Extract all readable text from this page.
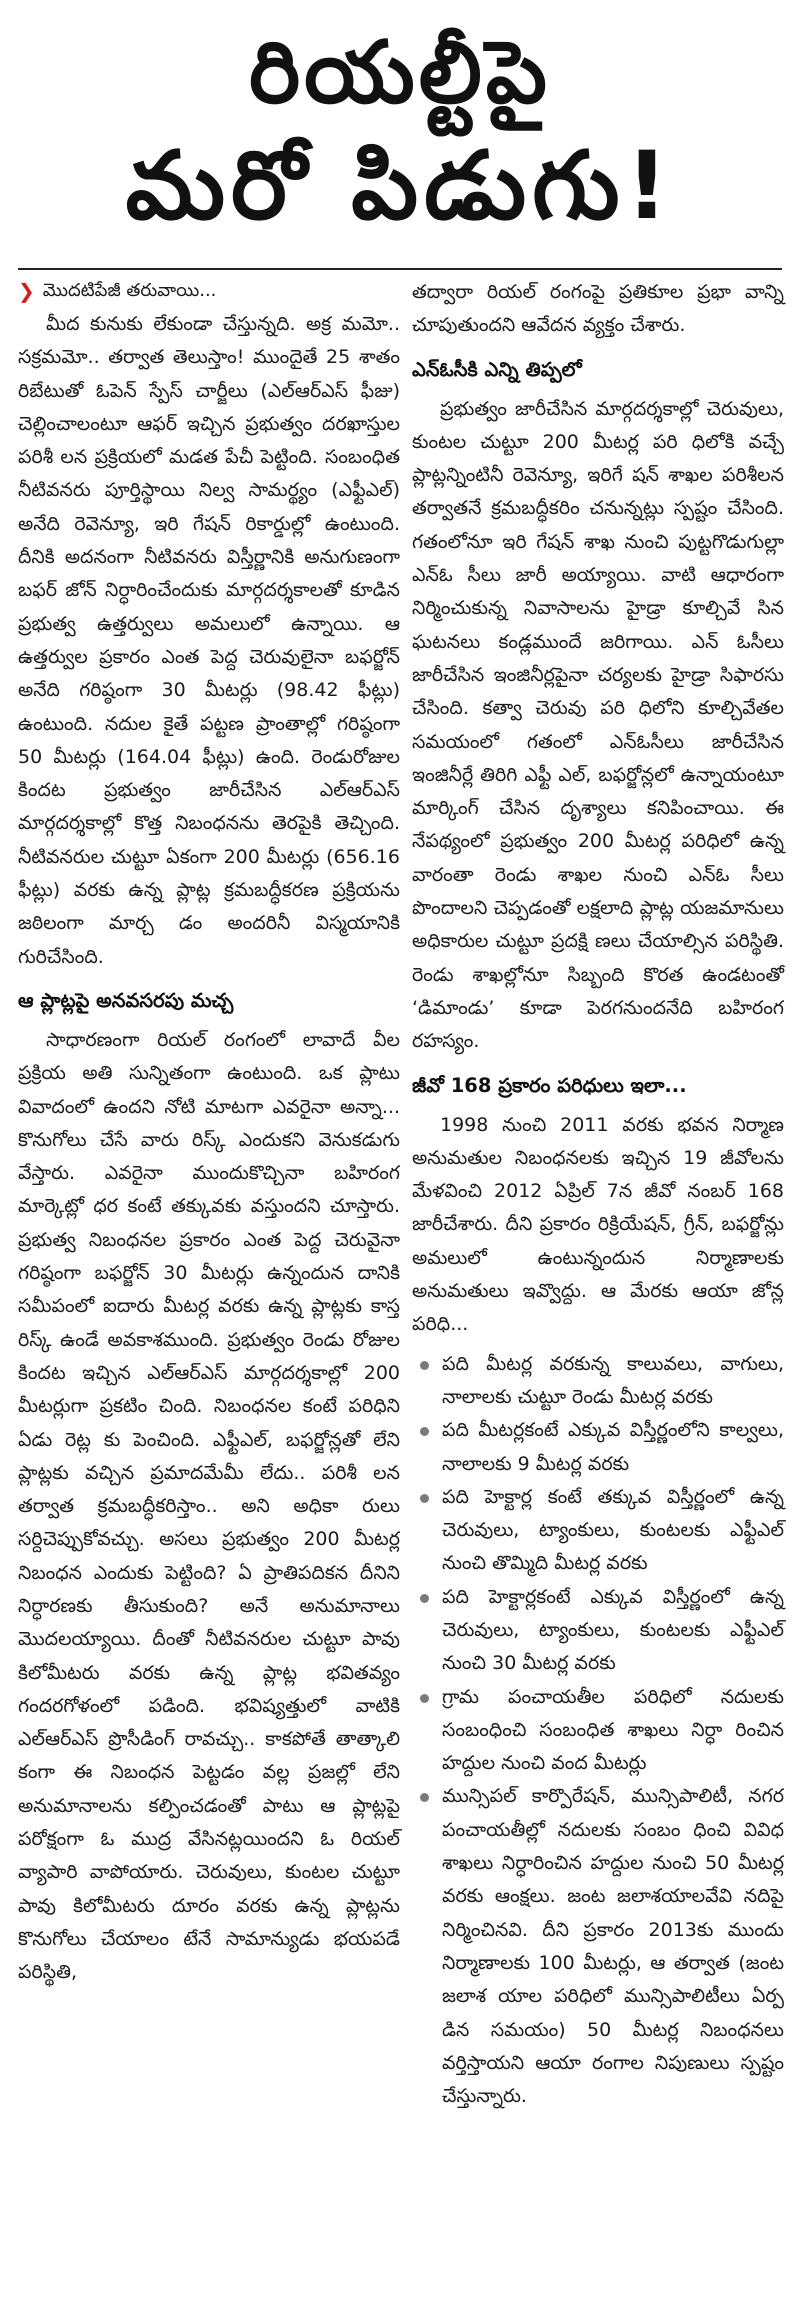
రియల్టీపై
మరో పిడుగు!
❯ మొదటిపేజీ తరువాయి...

మీద కునుకు లేకుండా చేస్తున్నది. అక్ర మమో.. సక్రమమో.. తర్వాత తెలుస్తాం! ముందైతే 25 శాతం రిబేటుతో ఓపెన్ స్పేస్ చార్జీలు (ఎల్ఆర్ఎస్ ఫీజు) చెల్లించాలంటూ ఆఫర్ ఇచ్చిన ప్రభుత్వం దరఖాస్తుల పరిశీ లన ప్రక్రియలో మడత పేచీ పెట్టింది. సంబంధిత నీటివనరు పూర్తిస్థాయి నిల్వ సామర్థ్యం (ఎఫ్టీఎల్) అనేది రెవెన్యూ, ఇరి గేషన్ రికార్డుల్లో ఉంటుంది. దీనికి అదనంగా నీటివనరు విస్తీర్ణానికి అనుగుణంగా బఫర్ జోన్ నిర్ధారించేందుకు మార్గదర్శకాలతో కూడిన ప్రభుత్వ ఉత్తర్వులు అమలులో ఉన్నాయి. ఆ ఉత్తర్వుల ప్రకారం ఎంత పెద్ద చెరువులైనా బఫర్జోన్ అనేది గరిష్ఠంగా 30 మీటర్లు (98.42 ఫీట్లు) ఉంటుంది. నదుల కైతే పట్టణ ప్రాంతాల్లో గరిష్ఠంగా 50 మీటర్లు (164.04 ఫీట్లు) ఉంది. రెండురోజుల కిందట ప్రభుత్వం జారీచేసిన ఎల్ఆర్ఎస్ మార్గదర్శకాల్లో కొత్త నిబంధనను తెరపైకి తెచ్చింది. నీటివనరుల చుట్టూ ఏకంగా 200 మీటర్లు (656.16 ఫీట్లు) వరకు ఉన్న ప్లాట్ల క్రమబద్ధీకరణ ప్రక్రియను జఠిలంగా మార్చ డం అందరినీ విస్మయానికి గురిచేసింది.

ఆ ప్లాట్లపై అనవసరపు మచ్చ

సాధారణంగా రియల్ రంగంలో లావాదే వీల ప్రక్రియ అతి సున్నితంగా ఉంటుంది. ఒక ప్లాటు వివాదంలో ఉందని నోటి మాటగా ఎవరైనా అన్నా... కొనుగోలు చేసే వారు రిస్క్ ఎందుకని వెనుకడుగు వేస్తారు. ఎవరైనా ముందుకొచ్చినా బహిరంగ మార్కెట్లో ధర కంటే తక్కువకు వస్తుందని చూస్తారు. ప్రభుత్వ నిబంధనల ప్రకారం ఎంత పెద్ద చెరువైనా గరిష్ఠంగా బఫర్జోన్ 30 మీటర్లు ఉన్నందున దానికి సమీపంలో ఐదారు మీటర్ల వరకు ఉన్న ప్లాట్లకు కాస్త రిస్క్ ఉండే అవకాశముంది. ప్రభుత్వం రెండు రోజుల కిందట ఇచ్చిన ఎల్ఆర్ఎస్ మార్గదర్శకాల్లో 200 మీటర్లుగా ప్రకటిం చింది. నిబంధనల కంటే పరిధిని ఏడు రెట్ల కు పెంచింది. ఎఫ్టీఎల్, బఫర్జోన్లతో లేని ప్లాట్లకు వచ్చిన ప్రమాదమేమీ లేదు.. పరిశీ లన తర్వాత క్రమబద్ధీకరిస్తాం.. అని అధికా రులు సర్దిచెప్పుకోవచ్చు. అసలు ప్రభుత్వం 200 మీటర్ల నిబంధన ఎందుకు పెట్టింది? ఏ ప్రాతిపదికన దీనిని నిర్ధారణకు తీసుకుంది? అనే అనుమానాలు మొదలయ్యాయి. దీంతో నీటివనరుల చుట్టూ పావు కిలోమీటరు వరకు ఉన్న ప్లాట్ల భవితవ్యం గందరగోళంలో పడింది. భవిష్యత్తులో వాటికి ఎల్ఆర్ఎస్ ప్రొసీడింగ్ రావచ్చు.. కాకపోతే తాత్కాలి కంగా ఈ నిబంధన పెట్టడం వల్ల ప్రజల్లో లేని అనుమానాలను కల్పించడంతో పాటు ఆ ప్లాట్లపై పరోక్షంగా ఓ ముద్ర వేసినట్లయిందని ఓ రియల్ వ్యాపారి వాపోయారు. చెరువులు, కుంటల చుట్టూ పావు కిలోమీటరు దూరం వరకు ఉన్న ప్లాట్లను కొనుగోలు చేయాలం టేనే సామాన్యుడు భయపడే పరిస్థితి,

తద్వారా రియల్ రంగంపై ప్రతికూల ప్రభా వాన్ని చూపుతుందని ఆవేదన వ్యక్తం చేశారు.

ఎన్ఓసీకి ఎన్ని తిప్పలో

ప్రభుత్వం జారీచేసిన మార్గదర్శకాల్లో చెరువులు, కుంటల చుట్టూ 200 మీటర్ల పరి ధిలోకి వచ్చే ప్లాట్లన్నింటినీ రెవెన్యూ, ఇరిగే షన్ శాఖల పరిశీలన తర్వాతనే క్రమబద్ధీకరిం చనున్నట్లు స్పష్టం చేసింది. గతంలోనూ ఇరి గేషన్ శాఖ నుంచి పుట్టగొడుగుల్లా ఎన్ఓ సీలు జారీ అయ్యాయి. వాటి ఆధారంగా నిర్మించుకున్న నివాసాలను హైడ్రా కూల్చివే సిన ఘటనలు కండ్లముందే జరిగాయి. ఎన్ ఓసీలు జారీచేసిన ఇంజినీర్లపైనా చర్యలకు హైడ్రా సిఫారసు చేసింది. కత్వా చెరువు పరి ధిలోని కూల్చివేతల సమయంలో గతంలో ఎన్ఓసీలు జారీచేసిన ఇంజినీర్లే తిరిగి ఎఫ్టీ ఎల్, బఫర్జోన్లలో ఉన్నాయంటూ మార్కింగ్ చేసిన దృశ్యాలు కనిపించాయి. ఈ నేపథ్యంలో ప్రభుత్వం 200 మీటర్ల పరిధిలో ఉన్న వారంతా రెండు శాఖల నుంచి ఎన్ఓ సీలు పొందాలని చెప్పడంతో లక్షలాది ప్లాట్ల యజమానులు అధికారుల చుట్టూ ప్రదక్షి ణలు చేయాల్సిన పరిస్థితి. రెండు శాఖల్లోనూ సిబ్బంది కొరత ఉండటంతో ‘డిమాండు’ కూడా పెరగనుందనేది బహిరంగ రహస్యం.

జీవో 168 ప్రకారం పరిధులు ఇలా...

1998 నుంచి 2011 వరకు భవన నిర్మాణ అనుమతుల నిబంధనలకు ఇచ్చిన 19 జీవోలను మేళవించి 2012 ఏప్రిల్ 7న జీవో నంబర్ 168 జారీచేశారు. దీని ప్రకారం రిక్రియేషన్, గ్రీన్, బఫర్జోన్లు అమలులో ఉంటున్నందున నిర్మాణాలకు అనుమతులు ఇవ్వొద్దు. ఆ మేరకు ఆయా జోన్ల పరిధి...

పది మీటర్ల వరకున్న కాలువలు, వాగులు, నాలాలకు చుట్టూ రెండు మీటర్ల వరకు
పది మీటర్లకంటే ఎక్కువ విస్తీర్ణంలోని కాల్వలు, నాలాలకు 9 మీటర్ల వరకు
పది హెక్టార్ల కంటే తక్కువ విస్తీర్ణంలో ఉన్న చెరువులు, ట్యాంకులు, కుంటలకు ఎఫ్టీఎల్ నుంచి తొమ్మిది మీటర్ల వరకు
పది హెక్టార్లకంటే ఎక్కువ విస్తీర్ణంలో ఉన్న చెరువులు, ట్యాంకులు, కుంటలకు ఎఫ్టీఎల్ నుంచి 30 మీటర్ల వరకు
గ్రామ పంచాయతీల పరిధిలో నదులకు సంబంధించి సంబంధిత శాఖలు నిర్ధా రించిన హద్దుల నుంచి వంద మీటర్లు
మున్సిపల్ కార్పొరేషన్, మున్సిపాలిటీ, నగర పంచాయతీల్లో నదులకు సంబం ధించి వివిధ శాఖలు నిర్ధారించిన హద్దుల నుంచి 50 మీటర్ల వరకు ఆంక్షలు. జంట జలాశయాలవేవి నదిపై నిర్మించినవి. దీని ప్రకారం 2013కు ముందు నిర్మాణాలకు 100 మీటర్లు, ఆ తర్వాత (జంట జలాశ యాల పరిధిలో మున్సిపాలిటీలు ఏర్ప డిన సమయం) 50 మీటర్ల నిబంధనలు వర్తిస్తాయని ఆయా రంగాల నిపుణులు స్పష్టం చేస్తున్నారు.
